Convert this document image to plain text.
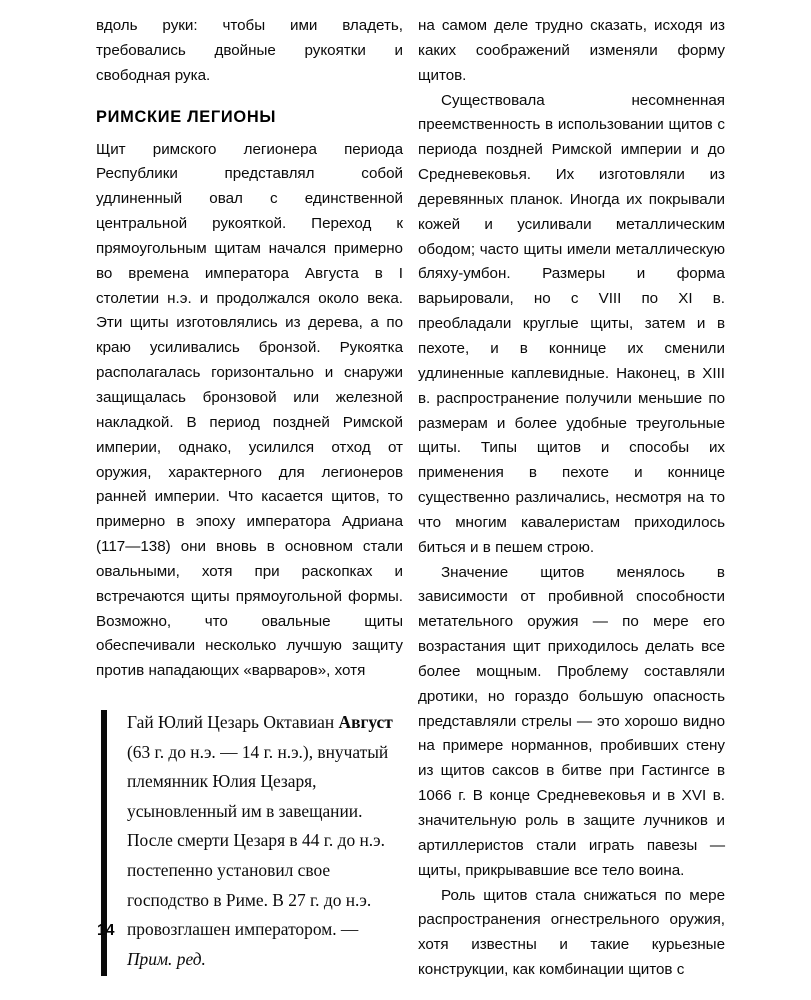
вдоль руки: чтобы ими владеть, требовались двойные рукоятки и свободная рука.

РИМСКИЕ ЛЕГИОНЫ

Щит римского легионера периода Республики представлял собой удлиненный овал с единственной центральной рукояткой. Переход к прямоугольным щитам начался примерно во времена императора Августа в I столетии н.э. и продолжался около века. Эти щиты изготовлялись из дерева, а по краю усиливались бронзой. Рукоятка располагалась горизонтально и снаружи защищалась бронзовой или железной накладкой. В период поздней Римской империи, однако, усилился отход от оружия, характерного для легионеров ранней империи. Что касается щитов, то примерно в эпоху императора Адриана (117—138) они вновь в основном стали овальными, хотя при раскопках и встречаются щиты прямоугольной формы. Возможно, что овальные щиты обеспечивали несколько лучшую защиту против нападающих «варваров», хотя

Гай Юлий Цезарь Октавиан Август (63 г. до н.э. — 14 г. н.э.), внучатый племянник Юлия Цезаря, усыновленный им в завещании. После смерти Цезаря в 44 г. до н.э. постепенно установил свое господство в Риме. В 27 г. до н.э. провозглашен императором. — Прим. ред.

на самом деле трудно сказать, исходя из каких соображений изменяли форму щитов.

Существовала несомненная преемственность в использовании щитов с периода поздней Римской империи и до Средневековья. Их изготовляли из деревянных планок. Иногда их покрывали кожей и усиливали металлическим ободом; часто щиты имели металлическую бляху-умбон. Размеры и форма варьировали, но с VIII по XI в. преобладали круглые щиты, затем и в пехоте, и в коннице их сменили удлиненные каплевидные. Наконец, в XIII в. распространение получили меньшие по размерам и более удобные треугольные щиты. Типы щитов и способы их применения в пехоте и коннице существенно различались, несмотря на то что многим кавалеристам приходилось биться и в пешем строю.

Значение щитов менялось в зависимости от пробивной способности метательного оружия — по мере его возрастания щит приходилось делать все более мощным. Проблему составляли дротики, но гораздо большую опасность представляли стрелы — это хорошо видно на примере норманнов, пробивших стену из щитов саксов в битве при Гастингсе в 1066 г. В конце Средневековья и в XVI в. значительную роль в защите лучников и артиллеристов стали играть павезы — щиты, прикрывавшие все тело воина.

Роль щитов стала снижаться по мере распространения огнестрельного оружия, хотя известны и такие курьезные конструкции, как комбинации щитов с

14
